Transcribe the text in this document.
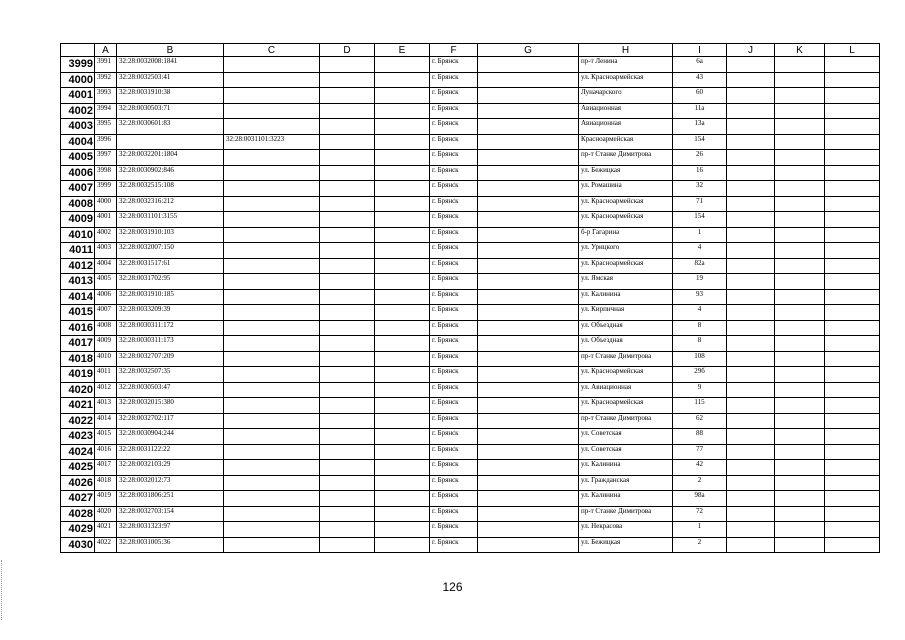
	A	B	C	D	E	F	G	H	I	J	K	L
3999	3991	32:28:0032008:1841				г. Брянск		пр-т Ленина	6а			
4000	3992	32:28:0032503:41				г. Брянск		ул. Красноармейская	43			
4001	3993	32:28:0031910:38				г. Брянск		Луначарского	60			
4002	3994	32:28:0030503:71				г. Брянск		Авиационная	11а			
4003	3995	32:28:0030601:83				г. Брянск		Авиационная	13а			
4004	3996		32:28:0031101:3223			г. Брянск		Красноармейская	154			
4005	3997	32:28:0032201:1804				г. Брянск		пр-т Станке Димитрова	26			
4006	3998	32:28:0030902:846				г. Брянск		ул. Бежицкая	16			
4007	3999	32:28:0032515:108				г. Брянск		ул. Ромашина	32			
4008	4000	32:28:0032316:212				г. Брянск		ул. Красноармейская	71			
4009	4001	32:28:0031101:3155				г. Брянск		ул. Красноармейская	154			
4010	4002	32:28:0031910:103				г. Брянск		б-р Гагарина	1			
4011	4003	32:28:0032007:150				г. Брянск		ул. Урицкого	4			
4012	4004	32:28:0031517:61				г. Брянск		ул. Красноармейская	82а			
4013	4005	32:28:0031702:95				г. Брянск		ул. Ямская	19			
4014	4006	32:28:0031910:185				г. Брянск		ул. Калинина	93			
4015	4007	32:28:0033209:39				г. Брянск		ул. Кирпичная	4			
4016	4008	32:28:0030311:172				г. Брянск		ул. Объездная	8			
4017	4009	32:28:0030311:173				г. Брянск		ул. Объездная	8			
4018	4010	32:28:0032707:209				г. Брянск		пр-т Станке Димитрова	108			
4019	4011	32:28:0032507:35				г. Брянск		ул. Красноармейская	29б			
4020	4012	32:28:0030503:47				г. Брянск		ул. Авиационная	9			
4021	4013	32:28:0032015:380				г. Брянск		ул. Красноармейская	115			
4022	4014	32:28:0032702:117				г. Брянск		пр-т Станке Димитрова	62			
4023	4015	32:28:0030904:244				г. Брянск		ул. Советская	88			
4024	4016	32:28:0031122:22				г. Брянск		ул. Советская	77			
4025	4017	32:28:0032103:29				г. Брянск		ул. Калинина	42			
4026	4018	32:28:0032012:73				г. Брянск		ул. Гражданская	2			
4027	4019	32:28:0031806:251				г. Брянск		ул. Калинина	98а			
4028	4020	32:28:0032703:154				г. Брянск		пр-т Станке Димитрова	72			
4029	4021	32:28:0031323:97				г. Брянск		ул. Некрасова	1			
4030	4022	32:28:0031005:36				г. Брянск		ул. Бежицкая	2			
126
